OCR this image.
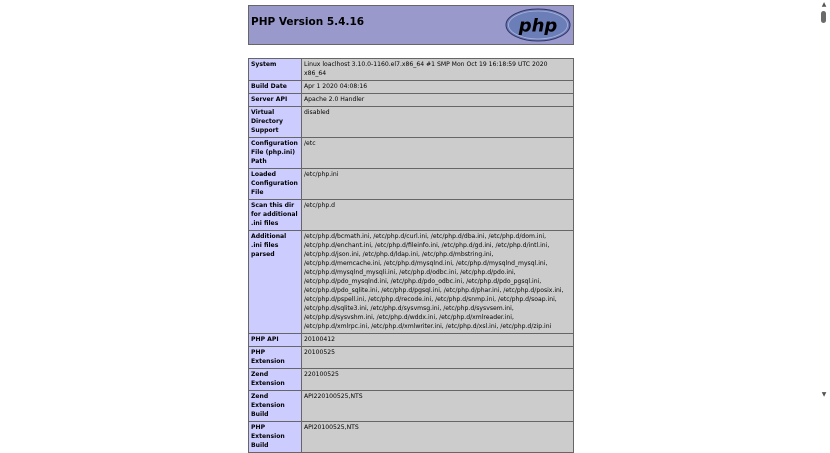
PHP Version 5.4.16	php
System	Linux loaclhost 3.10.0-1160.el7.x86_64 #1 SMP Mon Oct 19 16:18:59 UTC 2020 x86_64
Build Date	Apr 1 2020 04:08:16
Server API	Apache 2.0 Handler
Virtual Directory Support	disabled
Configuration File (php.ini) Path	/etc
Loaded Configuration File	/etc/php.ini
Scan this dir for additional .ini files	/etc/php.d
Additional .ini files parsed	/etc/php.d/bcmath.ini, /etc/php.d/curl.ini, /etc/php.d/dba.ini, /etc/php.d/dom.ini, /etc/php.d/enchant.ini, /etc/php.d/fileinfo.ini, /etc/php.d/gd.ini, /etc/php.d/intl.ini, /etc/php.d/json.ini, /etc/php.d/ldap.ini, /etc/php.d/mbstring.ini, /etc/php.d/memcache.ini, /etc/php.d/mysqlnd.ini, /etc/php.d/mysqlnd_mysql.ini, /etc/php.d/mysqlnd_mysqli.ini, /etc/php.d/odbc.ini, /etc/php.d/pdo.ini, /etc/php.d/pdo_mysqlnd.ini, /etc/php.d/pdo_odbc.ini, /etc/php.d/pdo_pgsql.ini, /etc/php.d/pdo_sqlite.ini, /etc/php.d/pgsql.ini, /etc/php.d/phar.ini, /etc/php.d/posix.ini, /etc/php.d/pspell.ini, /etc/php.d/recode.ini, /etc/php.d/snmp.ini, /etc/php.d/soap.ini, /etc/php.d/sqlite3.ini, /etc/php.d/sysvmsg.ini, /etc/php.d/sysvsem.ini, /etc/php.d/sysvshm.ini, /etc/php.d/wddx.ini, /etc/php.d/xmlreader.ini, /etc/php.d/xmlrpc.ini, /etc/php.d/xmlwriter.ini, /etc/php.d/xsl.ini, /etc/php.d/zip.ini
PHP API	20100412
PHP Extension	20100525
Zend Extension	220100525
Zend Extension Build	API220100525,NTS
PHP Extension Build	API20100525,NTS
▲
▼
